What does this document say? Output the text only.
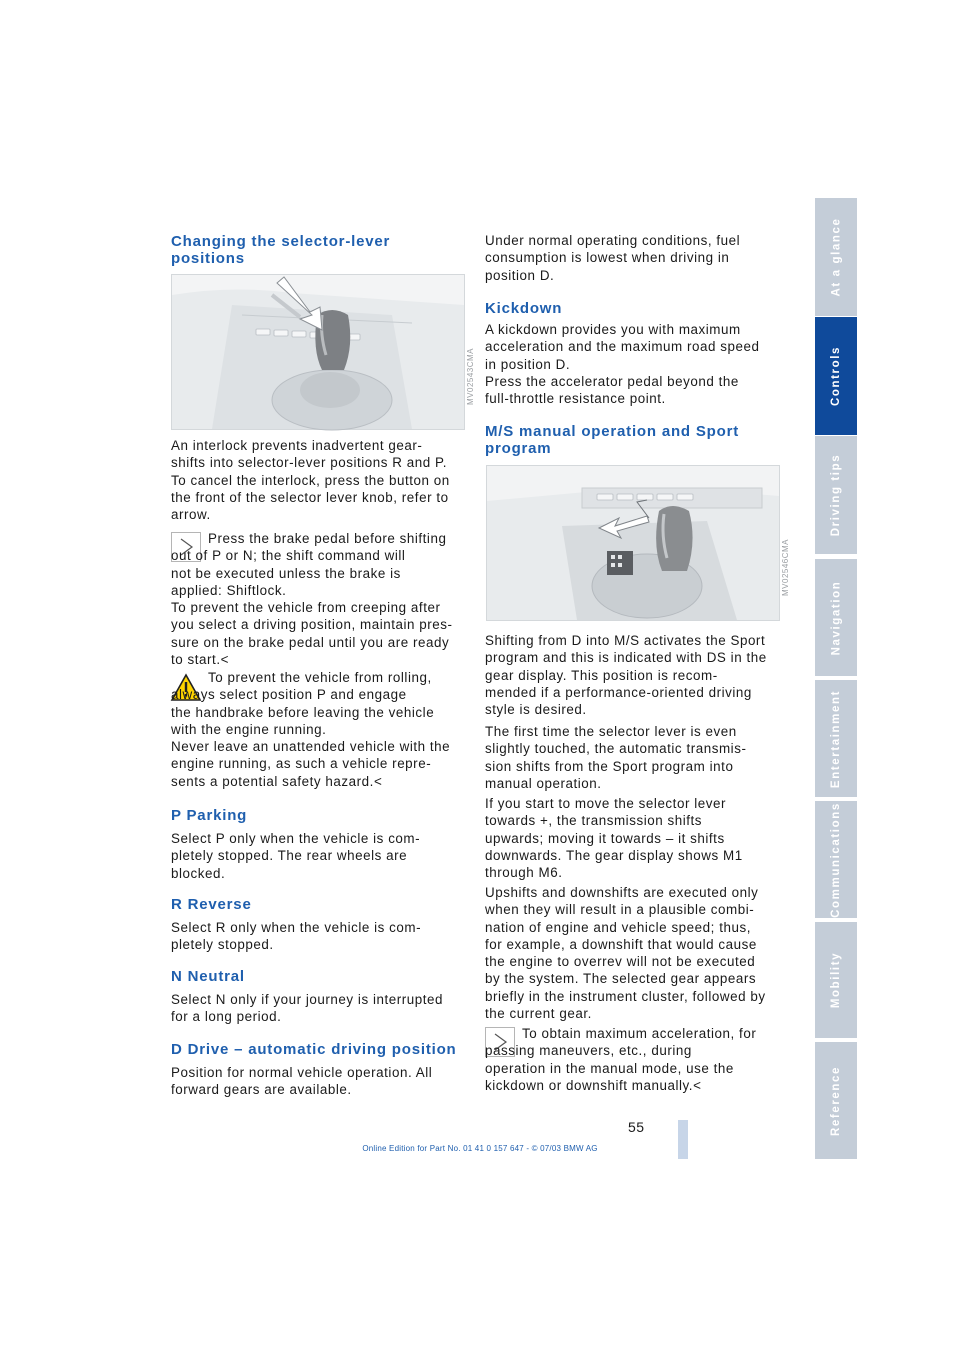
Changing the selector-lever
positions
MV02543CMA

An interlock prevents inadvertent gear-
shifts into selector-lever positions R and P.
To cancel the interlock, press the button on
the front of the selector lever knob, refer to
arrow.

Press the brake pedal before shifting
out of P or N; the shift command will
not be executed unless the brake is
applied: Shiftlock.
To prevent the vehicle from creeping after
you select a driving position, maintain pres-
sure on the brake pedal until you are ready
to start.<

To prevent the vehicle from rolling,
always select position P and engage
the handbrake before leaving the vehicle
with the engine running.
Never leave an unattended vehicle with the
engine running, as such a vehicle repre-
sents a potential safety hazard.<

P Parking

Select P only when the vehicle is com-
pletely stopped. The rear wheels are
blocked.

R Reverse

Select R only when the vehicle is com-
pletely stopped.

N Neutral

Select N only if your journey is interrupted
for a long period.

D Drive – automatic driving position

Position for normal vehicle operation. All
forward gears are available.

Under normal operating conditions, fuel
consumption is lowest when driving in
position D.

Kickdown

A kickdown provides you with maximum
acceleration and the maximum road speed
in position D.
Press the accelerator pedal beyond the
full-throttle resistance point.

M/S manual operation and Sport
program
MV02546CMA

Shifting from D into M/S activates the Sport
program and this is indicated with DS in the
gear display. This position is recom-
mended if a performance-oriented driving
style is desired.

The first time the selector lever is even
slightly touched, the automatic transmis-
sion shifts from the Sport program into
manual operation.

If you start to move the selector lever
towards +, the transmission shifts
upwards; moving it towards – it shifts
downwards. The gear display shows M1
through M6.

Upshifts and downshifts are executed only
when they will result in a plausible combi-
nation of engine and vehicle speed; thus,
for example, a downshift that would cause
the engine to overrev will not be executed
by the system. The selected gear appears
briefly in the instrument cluster, followed by
the current gear.

To obtain maximum acceleration, for
passing maneuvers, etc., during
operation in the manual mode, use the
kickdown or downshift manually.<

At a glance
Controls
Driving tips
Navigation
Entertainment
Communications
Mobility
Reference
55
Online Edition for Part No. 01 41 0 157 647 - © 07/03 BMW AG
